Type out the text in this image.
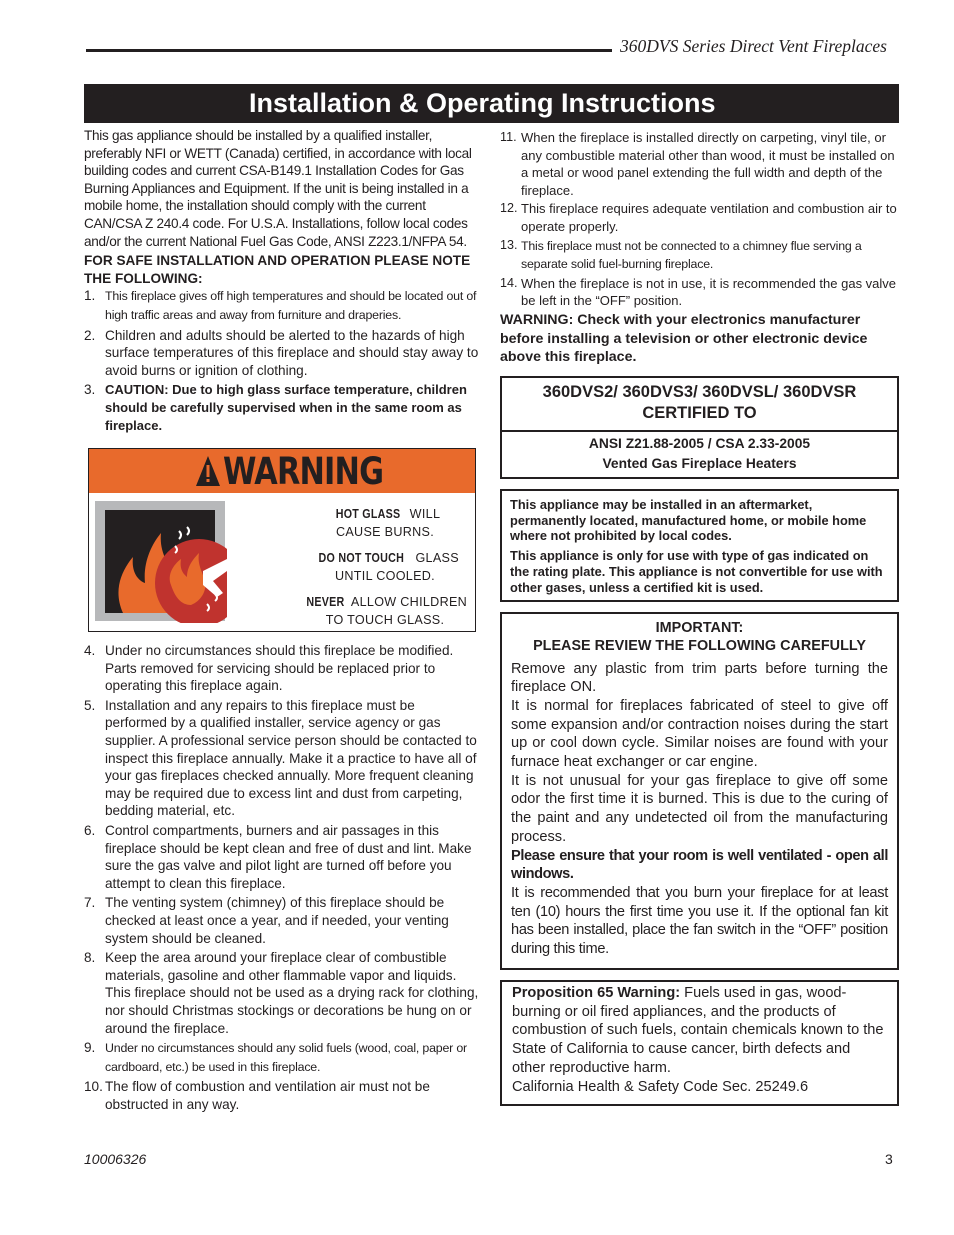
360DVS Series Direct Vent Fireplaces
Installation & Operating Instructions

This gas appliance should be installed by a qualified installer, preferably NFI or WETT (Canada) certified, in accordance with local building codes and current CSA-B149.1 Installation Codes for Gas Burning Appliances and Equipment. If the unit is being installed in a mobile home, the installation should comply with the current CAN/CSA Z 240.4 code. For U.S.A. Installations, follow local codes and/or the current National Fuel Gas Code, ANSI Z223.1/NFPA 54.

FOR SAFE INSTALLATION AND OPERATION PLEASE NOTE THE FOLLOWING:

1. This fireplace gives off high temperatures and should be located out of high traffic areas and away from furniture and draperies.
2. Children and adults should be alerted to the hazards of high surface temperatures of this fireplace and should stay away to avoid burns or ignition of clothing.
3. CAUTION: Due to high glass surface temperature, children should be carefully supervised when in the same room as fireplace.
WARNING
HOT GLASS WILL
CAUSE BURNS.
DO NOT TOUCH GLASS
UNTIL COOLED.
NEVER ALLOW CHILDREN
TO TOUCH GLASS.
4. Under no circumstances should this fireplace be modified. Parts removed for servicing should be replaced prior to operating this fireplace again.
5. Installation and any repairs to this fireplace must be performed by a qualified installer, service agency or gas supplier. A professional service person should be contacted to inspect this fireplace annually. Make it a practice to have all of your gas fireplaces checked annually. More frequent cleaning may be required due to excess lint and dust from carpeting, bedding material, etc.
6. Control compartments, burners and air passages in this fireplace should be kept clean and free of dust and lint. Make sure the gas valve and pilot light are turned off before you attempt to clean this fireplace.
7. The venting system (chimney) of this fireplace should be checked at least once a year, and if needed, your venting system should be cleaned.
8. Keep the area around your fireplace clear of combustible materials, gasoline and other flammable vapor and liquids. This fireplace should not be used as a drying rack for clothing, nor should Christmas stockings or decorations be hung on or around the fireplace.
9. Under no circumstances should any solid fuels (wood, coal, paper or cardboard, etc.) be used in this fireplace.
10. The flow of combustion and ventilation air must not be obstructed in any way.
11. When the fireplace is installed directly on carpeting, vinyl tile, or any combustible material other than wood, it must be installed on a metal or wood panel extending the full width and depth of the fireplace.
12. This fireplace requires adequate ventilation and combustion air to operate properly.
13. This fireplace must not be connected to a chimney flue serving a separate solid fuel-burning fireplace.
14. When the fireplace is not in use, it is recommended the gas valve be left in the “OFF” position.

WARNING: Check with your electronics manufacturer before installing a television or other electronic device above this fireplace.

360DVS2/ 360DVS3/ 360DVSL/ 360DVSR
CERTIFIED TO
ANSI Z21.88-2005 / CSA 2.33-2005
Vented Gas Fireplace Heaters

This appliance may be installed in an aftermarket, permanently located, manufactured home, or mobile home where not prohibited by local codes.

This appliance is only for use with type of gas indicated on the rating plate. This appliance is not convertible for use with other gases, unless a certified kit is used.

IMPORTANT:
PLEASE REVIEW THE FOLLOWING CAREFULLY

Remove any plastic from trim parts before turning the fireplace ON.

It is normal for fireplaces fabricated of steel to give off some expansion and/or contraction noises during the start up or cool down cycle. Similar noises are found with your furnace heat exchanger or car engine.

It is not unusual for your gas fireplace to give off some odor the first time it is burned. This is due to the curing of the paint and any undetected oil from the manufacturing process.

Please ensure that your room is well ventilated - open all windows.

It is recommended that you burn your fireplace for at least ten (10) hours the first time you use it. If the optional fan kit has been installed, place the fan switch in the “OFF” position during this time.

Proposition 65 Warning: Fuels used in gas, wood-burning or oil fired appliances, and the products of combustion of such fuels, contain chemicals known to the State of California to cause cancer, birth defects and other reproductive harm.

California Health & Safety Code Sec. 25249.6

10006326	3
